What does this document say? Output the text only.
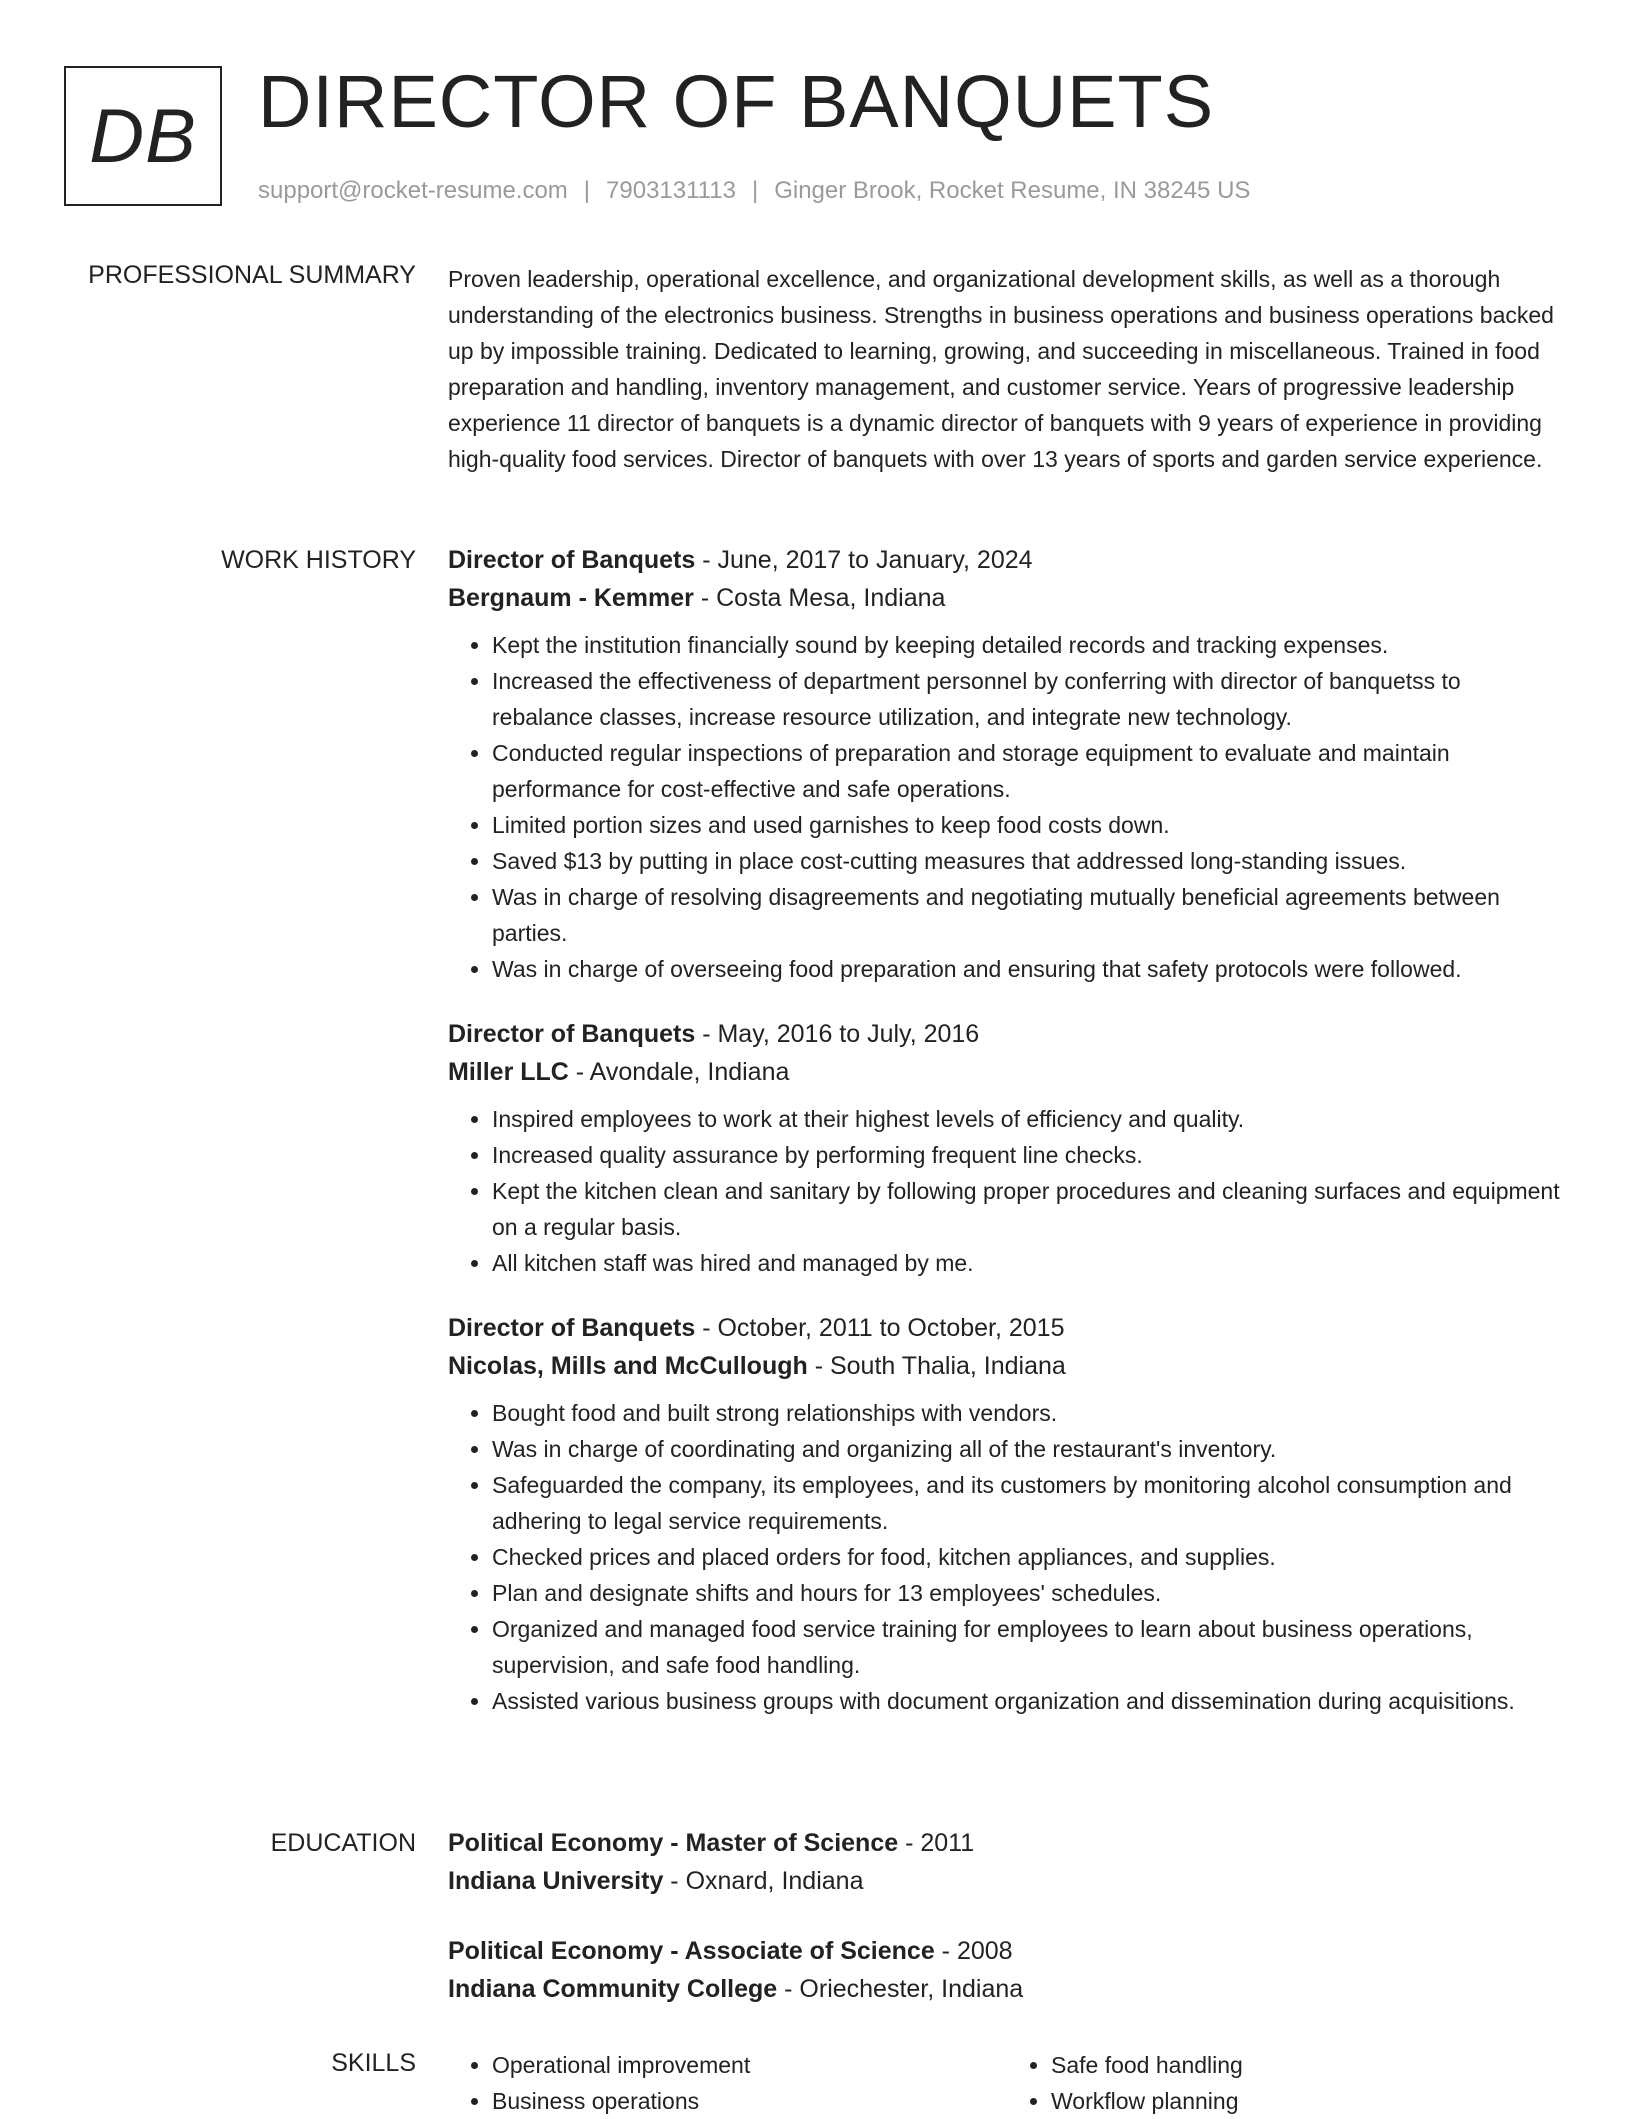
DB DIRECTOR OF BANQUETS
support@rocket-resume.com | 7903131113 | Ginger Brook, Rocket Resume, IN 38245 US
PROFESSIONAL SUMMARY Proven leadership, operational excellence, and organizational development skills, as well as a thorough understanding of the electronics business. Strengths in business operations and business operations backed up by impossible training. Dedicated to learning, growing, and succeeding in miscellaneous. Trained in food preparation and handling, inventory management, and customer service. Years of progressive leadership experience 11 director of banquets is a dynamic director of banquets with 9 years of experience in providing high-quality food services. Director of banquets with over 13 years of sports and garden service experience.

WORK HISTORY Director of Banquets - June, 2017 to January, 2024
Bergnaum - Kemmer - Costa Mesa, Indiana
• Kept the institution financially sound by keeping detailed records and tracking expenses.
• Increased the effectiveness of department personnel by conferring with director of banquetss to rebalance classes, increase resource utilization, and integrate new technology.
• Conducted regular inspections of preparation and storage equipment to evaluate and maintain performance for cost-effective and safe operations.
• Limited portion sizes and used garnishes to keep food costs down.
• Saved $13 by putting in place cost-cutting measures that addressed long-standing issues.
• Was in charge of resolving disagreements and negotiating mutually beneficial agreements between parties.
• Was in charge of overseeing food preparation and ensuring that safety protocols were followed.
Director of Banquets - May, 2016 to July, 2016
Miller LLC - Avondale, Indiana
• Inspired employees to work at their highest levels of efficiency and quality.
• Increased quality assurance by performing frequent line checks.
• Kept the kitchen clean and sanitary by following proper procedures and cleaning surfaces and equipment on a regular basis.
• All kitchen staff was hired and managed by me.
Director of Banquets - October, 2011 to October, 2015
Nicolas, Mills and McCullough - South Thalia, Indiana
• Bought food and built strong relationships with vendors.
• Was in charge of coordinating and organizing all of the restaurant's inventory.
• Safeguarded the company, its employees, and its customers by monitoring alcohol consumption and adhering to legal service requirements.
• Checked prices and placed orders for food, kitchen appliances, and supplies.
• Plan and designate shifts and hours for 13 employees' schedules.
• Organized and managed food service training for employees to learn about business operations, supervision, and safe food handling.
• Assisted various business groups with document organization and dissemination during acquisitions.
EDUCATION Political Economy - Master of Science - 2011
Indiana University - Oxnard, Indiana
Political Economy - Associate of Science - 2008
Indiana Community College - Oriechester, Indiana
SKILLS
•	Operational improvement
• Business operations
• Safe food handling
• Workflow planning
